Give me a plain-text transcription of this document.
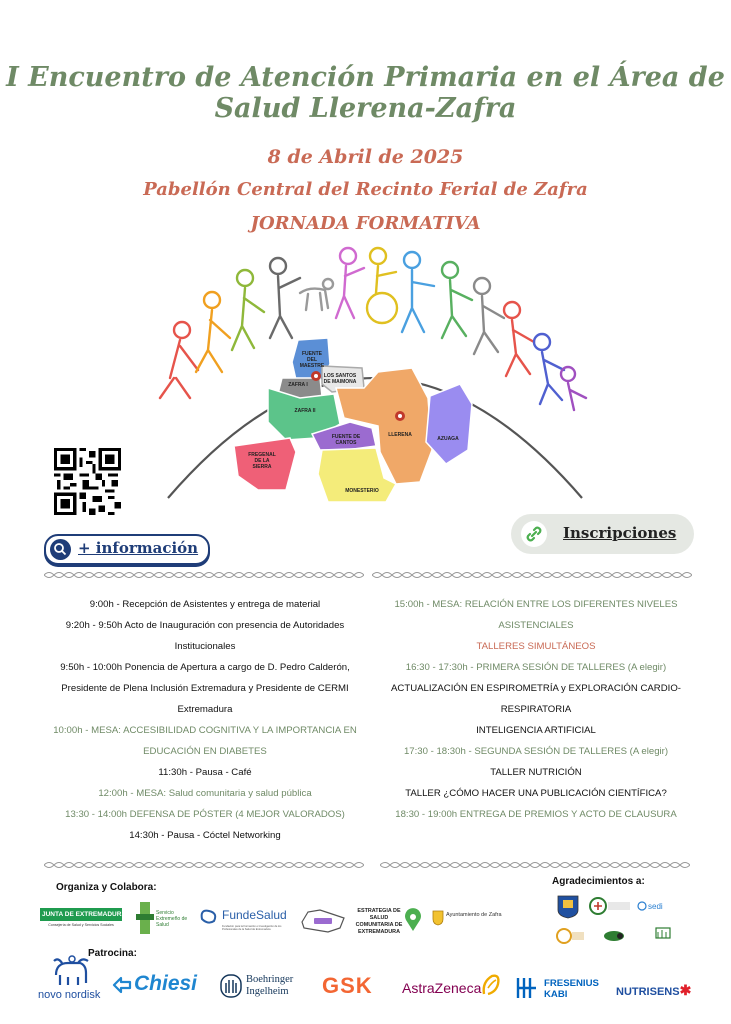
I Encuentro de Atención Primaria en el Área de Salud Llerena-Zafra
8 de Abril de 2025
Pabellón Central del Recinto Ferial de Zafra
JORNADA FORMATIVA
FUENTE
DEL
MAESTRE
LOS SANTOS
DE MAIMONA
ZAFRA I
ZAFRA II
FUENTE DE
CANTOS
LLERENA
AZUAGA
FREGENAL
DE LA
SIERRA
MONESTERIO
+ información
Inscripciones
9:00h - Recepción de Asistentes y entrega de material
9:20h - 9:50h Acto de Inauguración con presencia de Autoridades
Institucionales
9:50h - 10:00h Ponencia de Apertura a cargo de D. Pedro Calderón,
Presidente de Plena Inclusión Extremadura y Presidente de CERMI
Extremadura
10:00h - MESA: ACCESIBILIDAD COGNITIVA Y LA IMPORTANCIA EN
EDUCACIÓN EN DIABETES
11:30h - Pausa - Café
12:00h - MESA: Salud comunitaria y salud pública
13:30 - 14:00h DEFENSA DE PÓSTER (4 MEJOR VALORADOS)
14:30h - Pausa - Cóctel Networking
15:00h - MESA: RELACIÓN ENTRE LOS DIFERENTES NIVELES
ASISTENCIALES
TALLERES SIMULTÁNEOS
16:30 - 17:30h - PRIMERA SESIÓN DE TALLERES (A elegir)
ACTUALIZACIÓN EN ESPIROMETRÍA y EXPLORACIÓN CARDIO-
RESPIRATORIA
INTELIGENCIA ARTIFICIAL
17:30 - 18:30h - SEGUNDA SESIÓN DE TALLERES (A elegir)
TALLER NUTRICIÓN
TALLER ¿CÓMO HACER UNA PUBLICACIÓN CIENTÍFICA?
18:30 - 19:00h ENTREGA DE PREMIOS Y ACTO DE CLAUSURA
Organiza y Colabora:
JUNTA DE EXTREMADURA
Consejería de Salud y Servicios Sociales
Servicio Extremeño de Salud
FundeSalud
Fundación para la Formación e Investigación de los Profesionales de la Salud de Extremadura
ESTRATEGIA DE SALUD COMUNITARIA DE EXTREMADURA
Ayuntamiento de Zafra
Agradecimientos a:
sedi
Patrocina:
novo nordisk Chiesi	Boehringer Ingelheim	GSK AstraZeneca	FRESENIUS KABI	NUTRISENS✱
